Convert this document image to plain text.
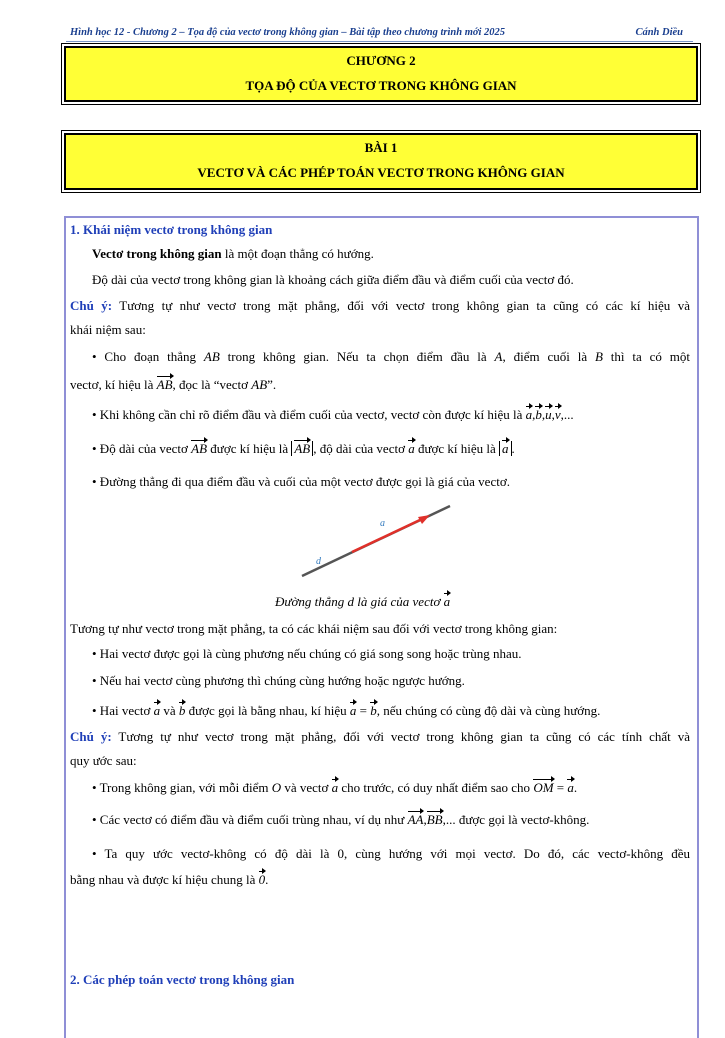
Hình học 12 - Chương 2 – Tọa độ của vectơ trong không gian – Bài tập theo chương trình mới 2025	Cánh Diều
CHƯƠNG 2
TỌA ĐỘ CỦA VECTƠ TRONG KHÔNG GIAN
BÀI 1
VECTƠ VÀ CÁC PHÉP TOÁN VECTƠ TRONG KHÔNG GIAN
1. Khái niệm vectơ trong không gian
Vectơ trong không gian là một đoạn thẳng có hướng.
Độ dài của vectơ trong không gian là khoảng cách giữa điểm đầu và điểm cuối của vectơ đó.
Chú ý: Tương tự như vectơ trong mặt phẳng, đối với vectơ trong không gian ta cũng có các kí hiệu và
khái niệm sau:
• Cho đoạn thẳng AB trong không gian. Nếu ta chọn điểm đầu là A, điểm cuối là B thì ta có một
vectơ, kí hiệu là AB, đọc là “vectơ AB”.
• Khi không cần chỉ rõ điểm đầu và điểm cuối của vectơ, vectơ còn được kí hiệu là a,b,u,v,...
• Độ dài của vectơ AB được kí hiệu là AB , độ dài của vectơ a được kí hiệu là a .
• Đường thẳng đi qua điểm đầu và cuối của một vectơ được gọi là giá của vectơ.
a
d
Đường thẳng d là giá của vectơ a
Tương tự như vectơ trong mặt phẳng, ta có các khái niệm sau đối với vectơ trong không gian:
• Hai vectơ được gọi là cùng phương nếu chúng có giá song song hoặc trùng nhau.
• Nếu hai vectơ cùng phương thì chúng cùng hướng hoặc ngược hướng.
• Hai vectơ a và b được gọi là bằng nhau, kí hiệu a = b, nếu chúng có cùng độ dài và cùng hướng.
Chú ý: Tương tự như vectơ trong mặt phẳng, đối với vectơ trong không gian ta cũng có các tính chất và
quy ước sau:
• Trong không gian, với mỗi điểm O và vectơ a cho trước, có duy nhất điểm sao cho OM = a.
• Các vectơ có điểm đầu và điểm cuối trùng nhau, ví dụ như AA,BB,... được gọi là vectơ-không.
• Ta quy ước vectơ-không có độ dài là 0, cùng hướng với mọi vectơ. Do đó, các vectơ-không đều
bằng nhau và được kí hiệu chung là 0.
2. Các phép toán vectơ trong không gian
